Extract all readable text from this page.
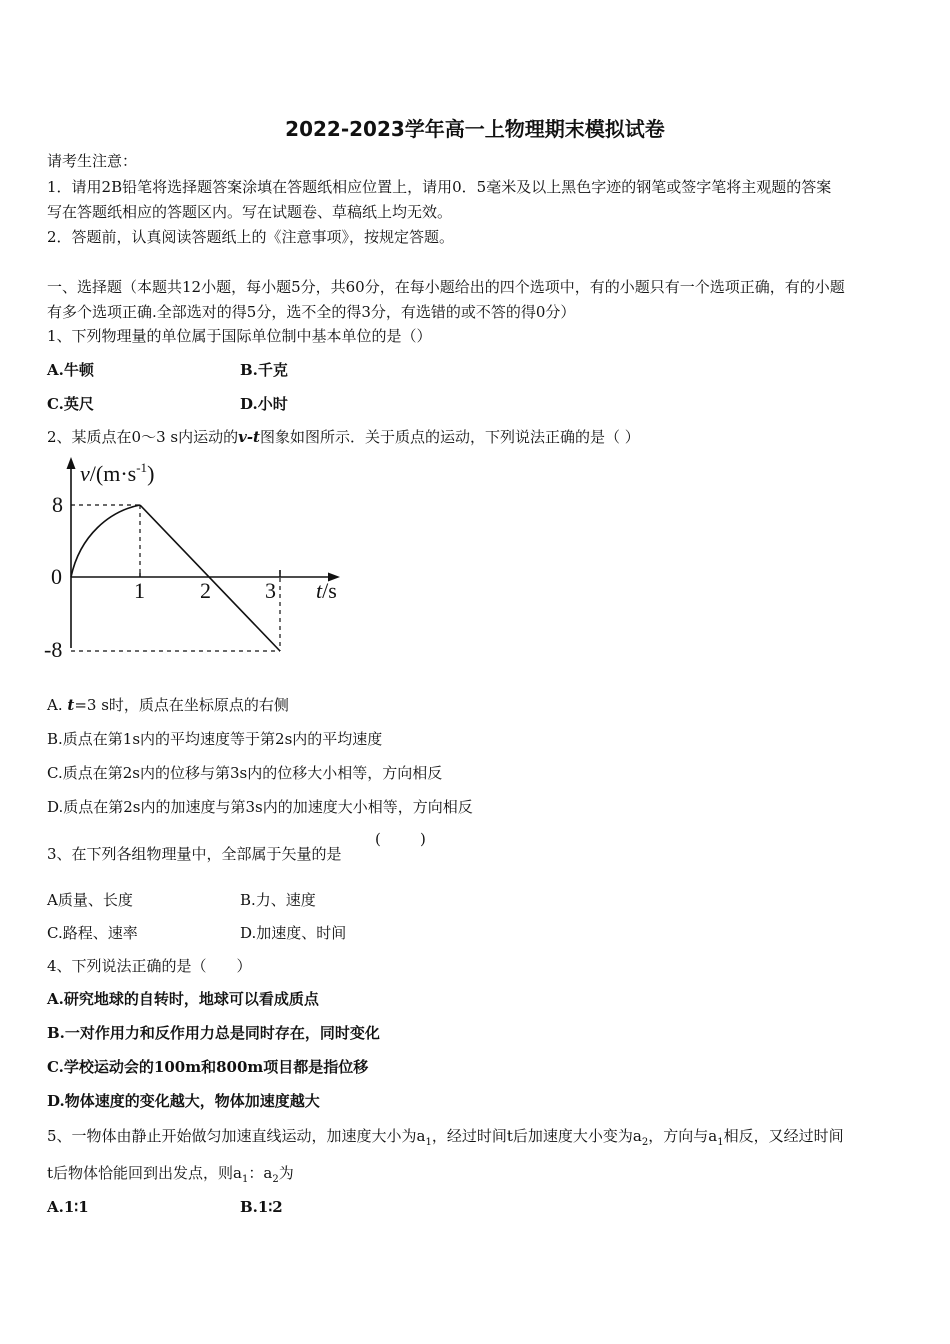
2022-2023学年高一上物理期末模拟试卷
请考生注意：
1．请用2B铅笔将选择题答案涂填在答题纸相应位置上，请用0．5毫米及以上黑色字迹的钢笔或签字笔将主观题的答案
写在答题纸相应的答题区内。写在试题卷、草稿纸上均无效。
2．答题前，认真阅读答题纸上的《注意事项》，按规定答题。
一、选择题（本题共12小题，每小题5分，共60分，在每小题给出的四个选项中，有的小题只有一个选项正确，有的小题
有多个选项正确.全部选对的得5分，选不全的得3分，有选错的或不答的得0分）
1、下列物理量的单位属于国际单位制中基本单位的是（）
A.牛顿	B.千克
C.英尺	D.小时
2、某质点在0～3 s内运动的v-t图象如图所示．关于质点的运动，下列说法正确的是（ ）
$v/(m\cdot s^{-1})$
8
0
-8
1	2 3 t/s
A. t=3 s时，质点在坐标原点的右侧
B.质点在第1s内的平均速度等于第2s内的平均速度
C.质点在第2s内的位移与第3s内的位移大小相等，方向相反
D.质点在第2s内的加速度与第3s内的加速度大小相等，方向相反
3、在下列各组物理量中，全部属于矢量的是
(	)
A质量、长度	B.力、速度
C.路程、速率	D.加速度、时间
4、下列说法正确的是（　　）
A.研究地球的自转时，地球可以看成质点
B.一对作用力和反作用力总是同时存在，同时变化
C.学校运动会的100m和800m项目都是指位移
D.物体速度的变化越大，物体加速度越大
5、一物体由静止开始做匀加速直线运动，加速度大小为$a_1$，经过时间t后加速度大小变为$a_2$，方向与$a_1$相反，又经过时间
t后物体恰能回到出发点，则$a_1$：$a_2$为
A.1∶1	B.1∶2
